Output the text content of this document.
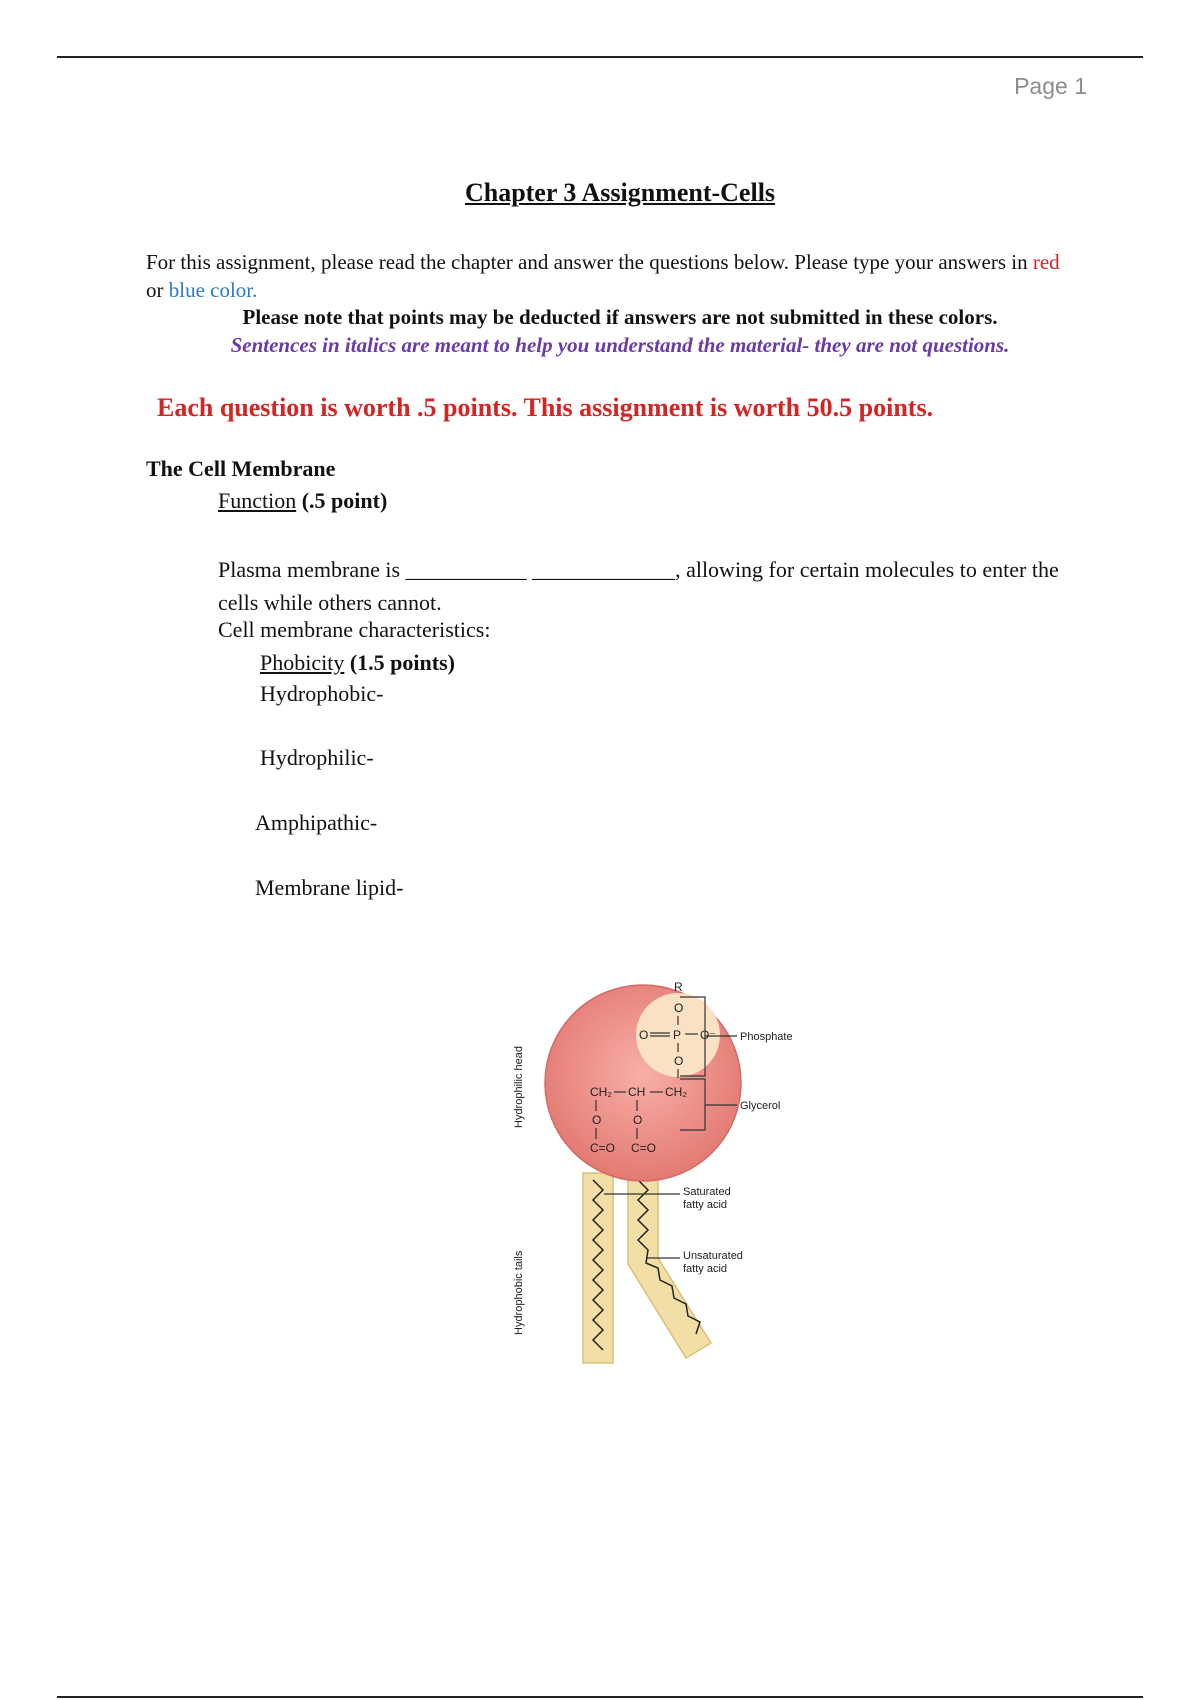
Page 1
Chapter 3 Assignment-Cells
For this assignment, please read the chapter and answer the questions below. Please type your answers in red or blue color.
Please note that points may be deducted if answers are not submitted in these colors.
Sentences in italics are meant to help you understand the material- they are not questions.
Each question is worth .5 points. This assignment is worth 50.5 points.
The Cell Membrane
Function (.5 point)
Plasma membrane is ___________ _____________, allowing for certain molecules to enter the cells while others cannot.
Cell membrane characteristics:
Phobicity (1.5 points)
Hydrophobic-
Hydrophilic-
Amphipathic-
Membrane lipid-
R
O
O P O⁻
O
CH₂ CH CH₂
O
C=O
O
C=O
Phosphate
Glycerol
Saturated
fatty acid
Unsaturated
fatty acid
Hydrophilic head
Hydrophobic tails
